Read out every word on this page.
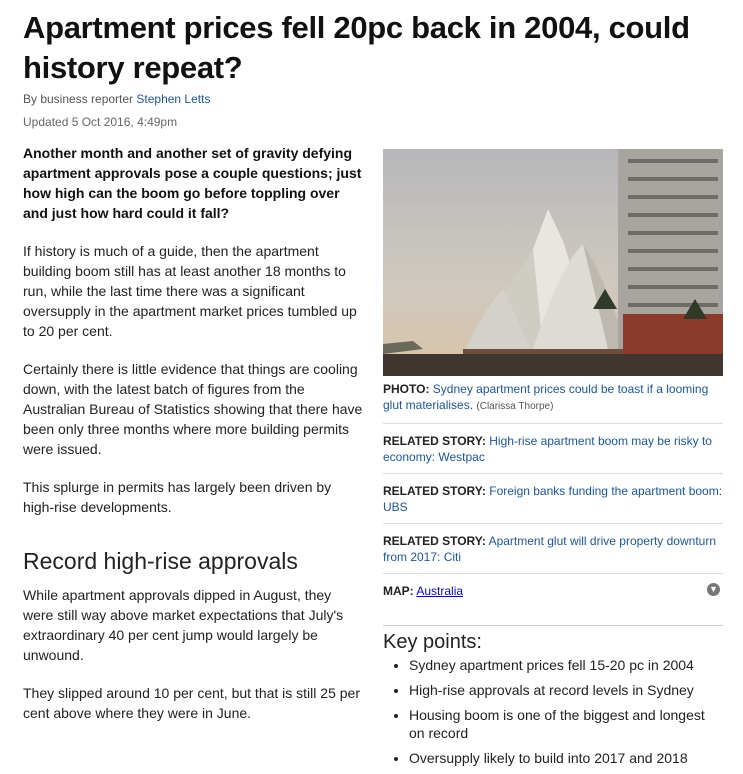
Apartment prices fell 20pc back in 2004, could history repeat?
By business reporter Stephen Letts
Updated 5 Oct 2016, 4:49pm

Another month and another set of gravity defying apartment approvals pose a couple questions; just how high can the boom go before toppling over and just how hard could it fall?

If history is much of a guide, then the apartment building boom still has at least another 18 months to run, while the last time there was a significant oversupply in the apartment market prices tumbled up to 20 per cent.

Certainly there is little evidence that things are cooling down, with the latest batch of figures from the Australian Bureau of Statistics showing that there have been only three months where more building permits were issued.

This splurge in permits has largely been driven by high-rise developments.

Record high-rise approvals

While apartment approvals dipped in August, they were still way above market expectations that July's extraordinary 40 per cent jump would largely be unwound.

They slipped around 10 per cent, but that is still 25 per cent above where they were in June.

PHOTO: Sydney apartment prices could be toast if a looming glut materialises. (Clarissa Thorpe)
RELATED STORY: High-rise apartment boom may be risky to economy: Westpac
RELATED STORY: Foreign banks funding the apartment boom: UBS
RELATED STORY: Apartment glut will drive property downturn from 2017: Citi
MAP: Australia	▼
Key points:
• Sydney apartment prices fell 15-20 pc in 2004
• High-rise approvals at record levels in Sydney
• Housing boom is one of the biggest and longest on record
• Oversupply likely to build into 2017 and 2018
